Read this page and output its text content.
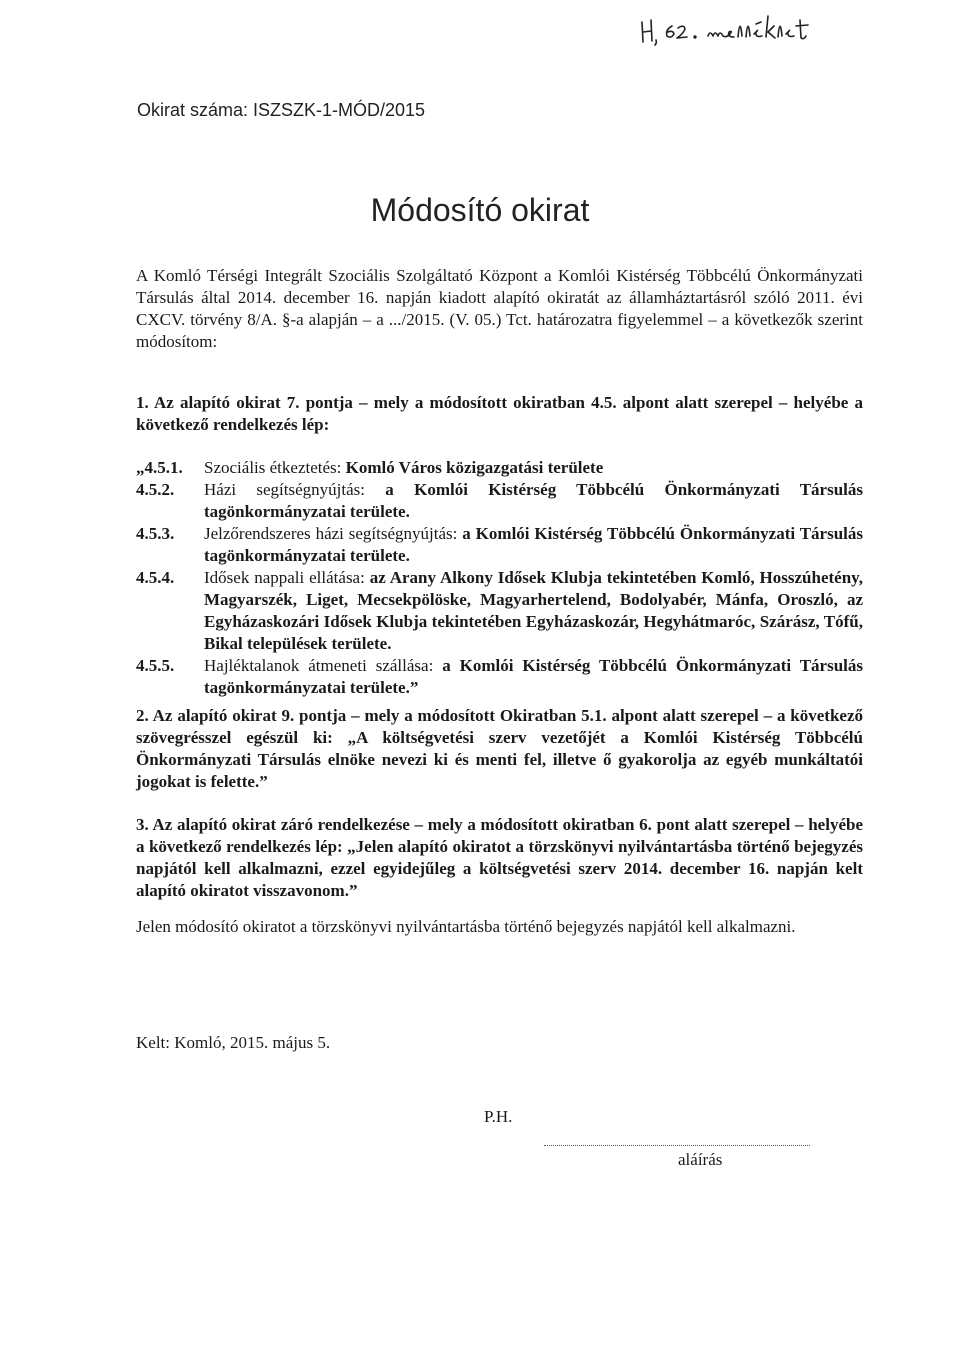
Okirat száma: ISZSZK-1-MÓD/2015
Módosító okirat
A Komló Térségi Integrált Szociális Szolgáltató Központ a Komlói Kistérség Többcélú Önkormányzati Társulás által 2014. december 16. napján kiadott alapító okiratát az államháztartásról szóló 2011. évi CXCV. törvény 8/A. §-a alapján – a .../2015. (V. 05.) Tct. határozatra figyelemmel – a következők szerint módosítom:
1. Az alapító okirat 7. pontja – mely a módosított okiratban 4.5. alpont alatt szerepel – helyébe a következő rendelkezés lép:
„4.5.1.	Szociális étkeztetés: Komló Város közigazgatási területe
4.5.2.	Házi segítségnyújtás: a Komlói Kistérség Többcélú Önkormányzati Társulás tagönkormányzatai területe.
4.5.3.	Jelzőrendszeres házi segítségnyújtás: a Komlói Kistérség Többcélú Önkormányzati Társulás tagönkormányzatai területe.
4.5.4.	Idősek nappali ellátása: az Arany Alkony Idősek Klubja tekintetében Komló, Hosszúhetény, Magyarszék, Liget, Mecsekpölöske, Magyarhertelend, Bodolyabér, Mánfa, Oroszló, az Egyházaskozári Idősek Klubja tekintetében Egyházaskozár, Hegyhátmaróc, Szárász, Tófű, Bikal települések területe.
4.5.5.	Hajléktalanok átmeneti szállása: a Komlói Kistérség Többcélú Önkormányzati Társulás tagönkormányzatai területe.”
2. Az alapító okirat 9. pontja – mely a módosított Okiratban 5.1. alpont alatt szerepel – a következő szövegrésszel egészül ki: „A költségvetési szerv vezetőjét a Komlói Kistérség Többcélú Önkormányzati Társulás elnöke nevezi ki és menti fel, illetve ő gyakorolja az egyéb munkáltatói jogokat is felette.”
3. Az alapító okirat záró rendelkezése – mely a módosított okiratban 6. pont alatt szerepel – helyébe a következő rendelkezés lép: „Jelen alapító okiratot a törzskönyvi nyilvántartásba történő bejegyzés napjától kell alkalmazni, ezzel egyidejűleg a költségvetési szerv 2014. december 16. napján kelt alapító okiratot visszavonom.”
Jelen módosító okiratot a törzskönyvi nyilvántartásba történő bejegyzés napjától kell alkalmazni.
Kelt: Komló, 2015. május 5.
P.H.
aláírás
